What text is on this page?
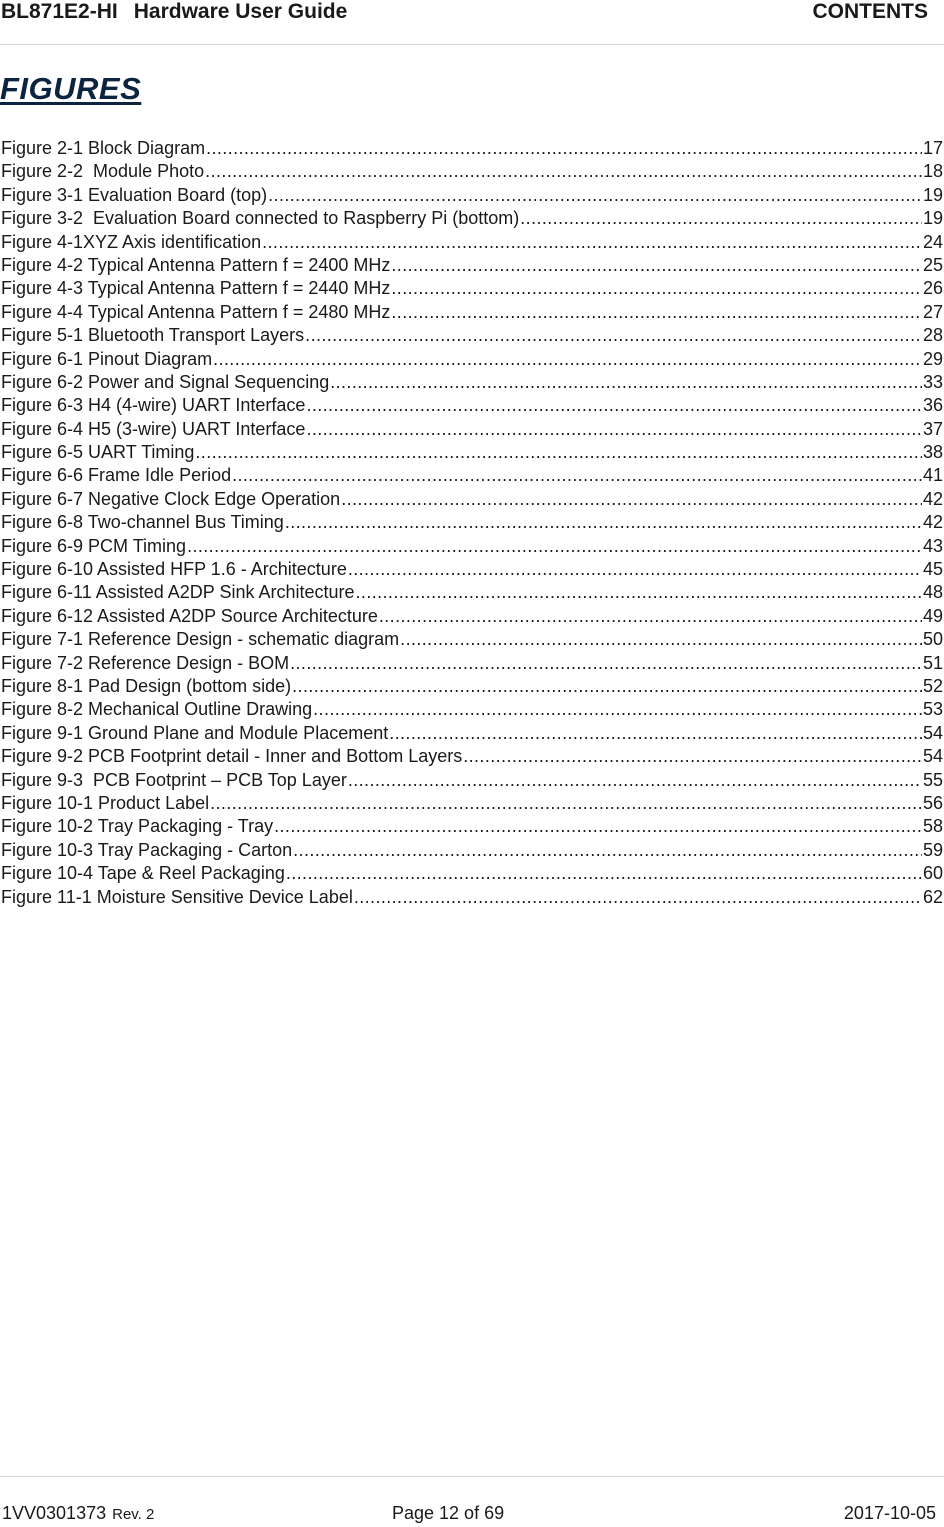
BL871E2-HI Hardware User Guide	CONTENTS
FIGURES
Figure 2-1 Block Diagram .....	17
Figure 2-2  Module Photo .....	18
Figure 3-1 Evaluation Board (top) .....	19
Figure 3-2  Evaluation Board connected to Raspberry Pi (bottom) .....	19
Figure 4-1XYZ Axis identification .....	24
Figure 4-2 Typical Antenna Pattern f = 2400 MHz .....	25
Figure 4-3 Typical Antenna Pattern f = 2440 MHz .....	26
Figure 4-4 Typical Antenna Pattern f = 2480 MHz .....	27
Figure 5-1 Bluetooth Transport Layers .....	28
Figure 6-1 Pinout Diagram .....	29
Figure 6-2 Power and Signal Sequencing .....	33
Figure 6-3 H4 (4-wire) UART Interface .....	36
Figure 6-4 H5 (3-wire) UART Interface .....	37
Figure 6-5 UART Timing .....	38
Figure 6-6 Frame Idle Period .....	41
Figure 6-7 Negative Clock Edge Operation .....	42
Figure 6-8 Two-channel Bus Timing .....	42
Figure 6-9 PCM Timing .....	43
Figure 6-10 Assisted HFP 1.6 - Architecture .....	45
Figure 6-11 Assisted A2DP Sink Architecture .....	48
Figure 6-12 Assisted A2DP Source Architecture .....	49
Figure 7-1 Reference Design - schematic diagram .....	50
Figure 7-2 Reference Design - BOM .....	51
Figure 8-1 Pad Design (bottom side) .....	52
Figure 8-2 Mechanical Outline Drawing .....	53
Figure 9-1 Ground Plane and Module Placement .....	54
Figure 9-2 PCB Footprint detail - Inner and Bottom Layers .....	54
Figure 9-3  PCB Footprint – PCB Top Layer .....	55
Figure 10-1 Product Label .....	56
Figure 10-2 Tray Packaging - Tray .....	58
Figure 10-3 Tray Packaging - Carton .....	59
Figure 10-4 Tape & Reel Packaging .....	60
Figure 11-1 Moisture Sensitive Device Label .....	62
1VV0301373 Rev. 2	Page 12 of 69	2017-10-05
